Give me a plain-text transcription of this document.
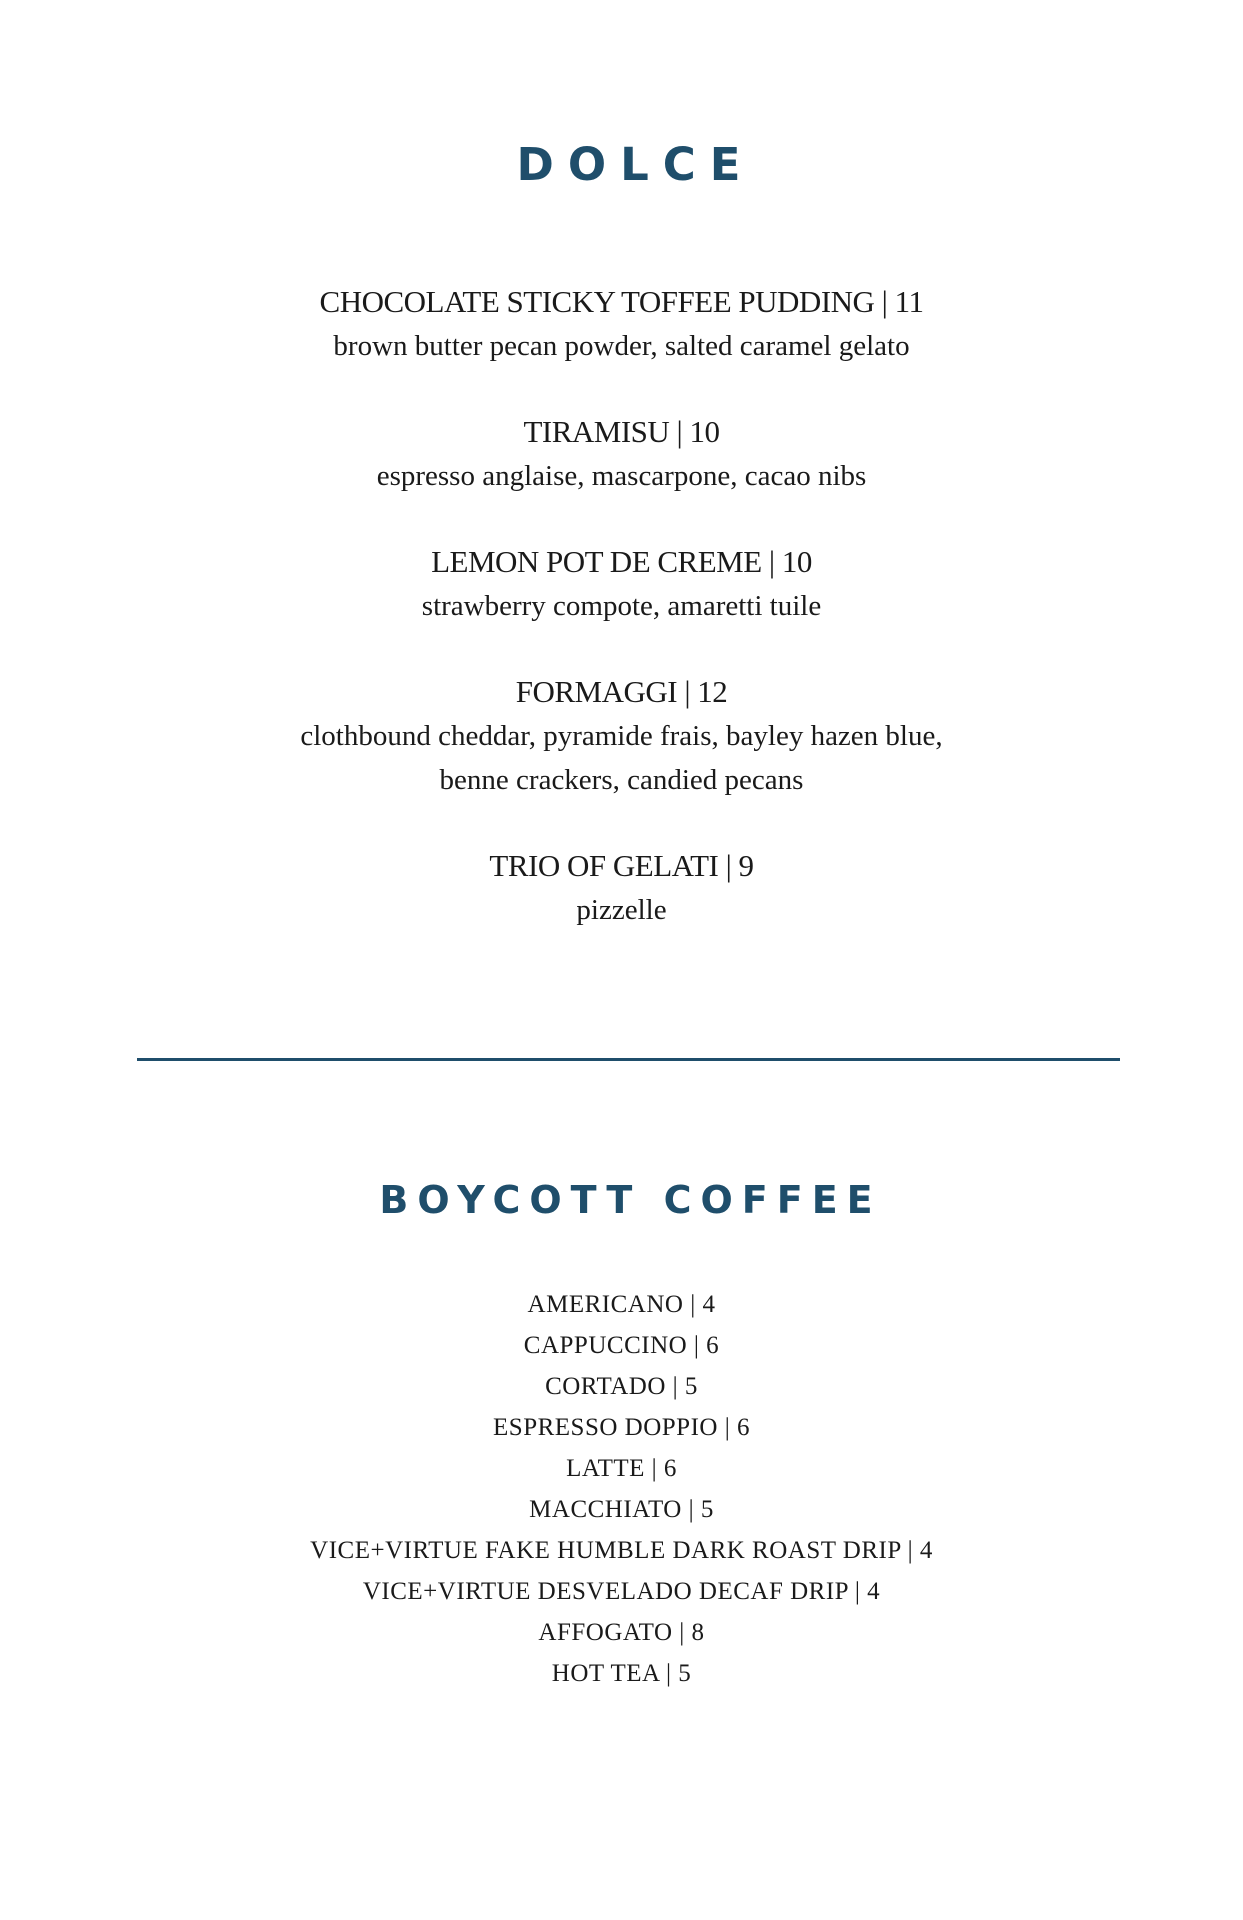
DOLCE
CHOCOLATE STICKY TOFFEE PUDDING | 11
brown butter pecan powder, salted caramel gelato
TIRAMISU | 10
espresso anglaise, mascarpone, cacao nibs
LEMON POT DE CREME | 10
strawberry compote, amaretti tuile
FORMAGGI | 12
clothbound cheddar, pyramide frais, bayley hazen blue,
benne crackers, candied pecans
TRIO OF GELATI | 9
pizzelle
BOYCOTT COFFEE
AMERICANO | 4
CAPPUCCINO | 6
CORTADO | 5
ESPRESSO DOPPIO | 6
LATTE | 6
MACCHIATO | 5
VICE+VIRTUE FAKE HUMBLE DARK ROAST DRIP | 4
VICE+VIRTUE DESVELADO DECAF DRIP | 4
AFFOGATO | 8
HOT TEA | 5
